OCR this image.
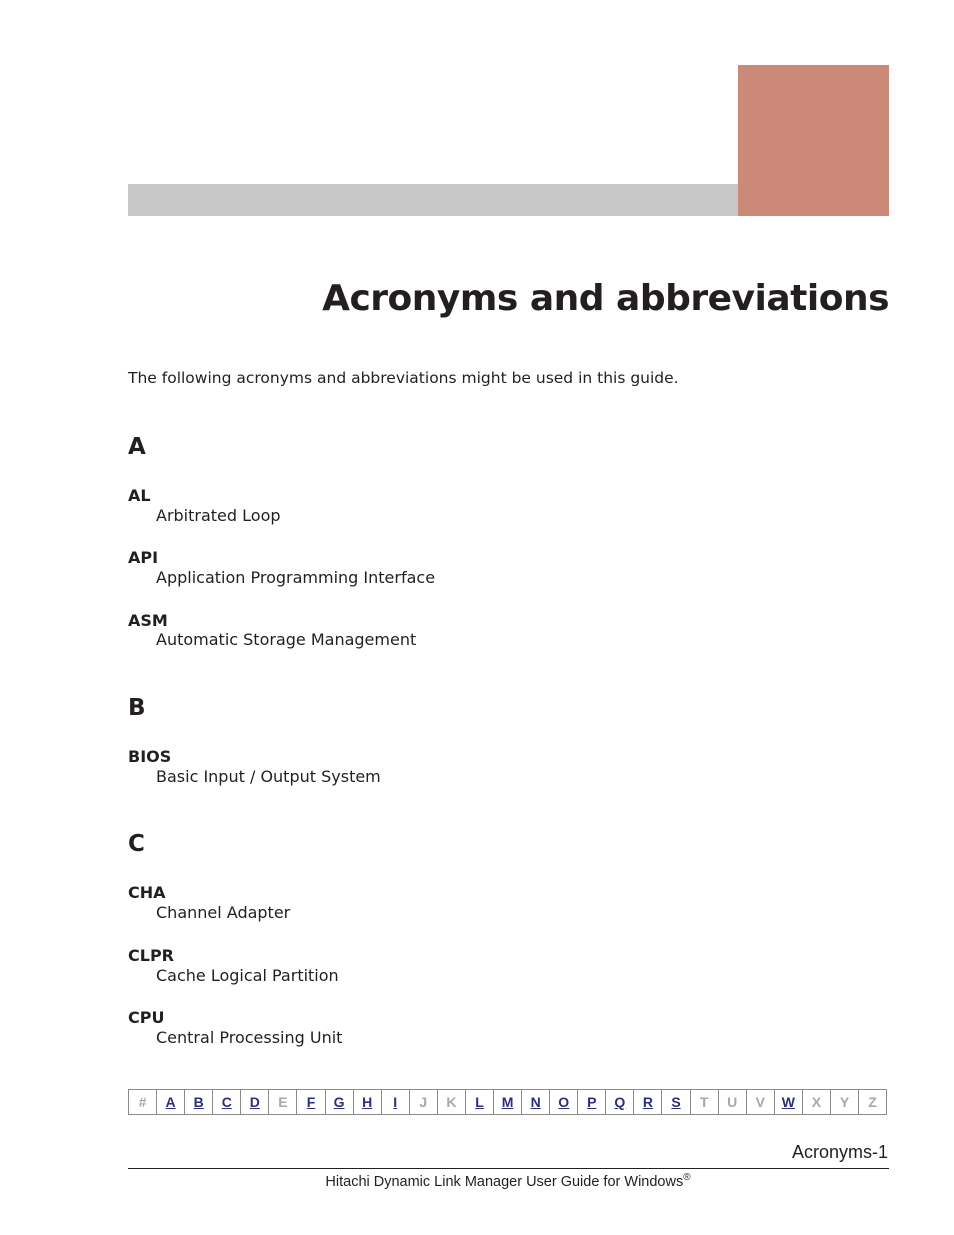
Acronyms and abbreviations

The following acronyms and abbreviations might be used in this guide.

A
AL
Arbitrated Loop
API
Application Programming Interface
ASM
Automatic Storage Management
B
BIOS
Basic Input / Output System
C
CHA
Channel Adapter
CLPR
Cache Logical Partition
CPU
Central Processing Unit
#	A	B	C	D	E	F	G	H	I	J	K	L	M	N	O	P	Q	R	S	T	U	V	W	X	Y	Z
Acronyms-1
Hitachi Dynamic Link Manager User Guide for Windows®
